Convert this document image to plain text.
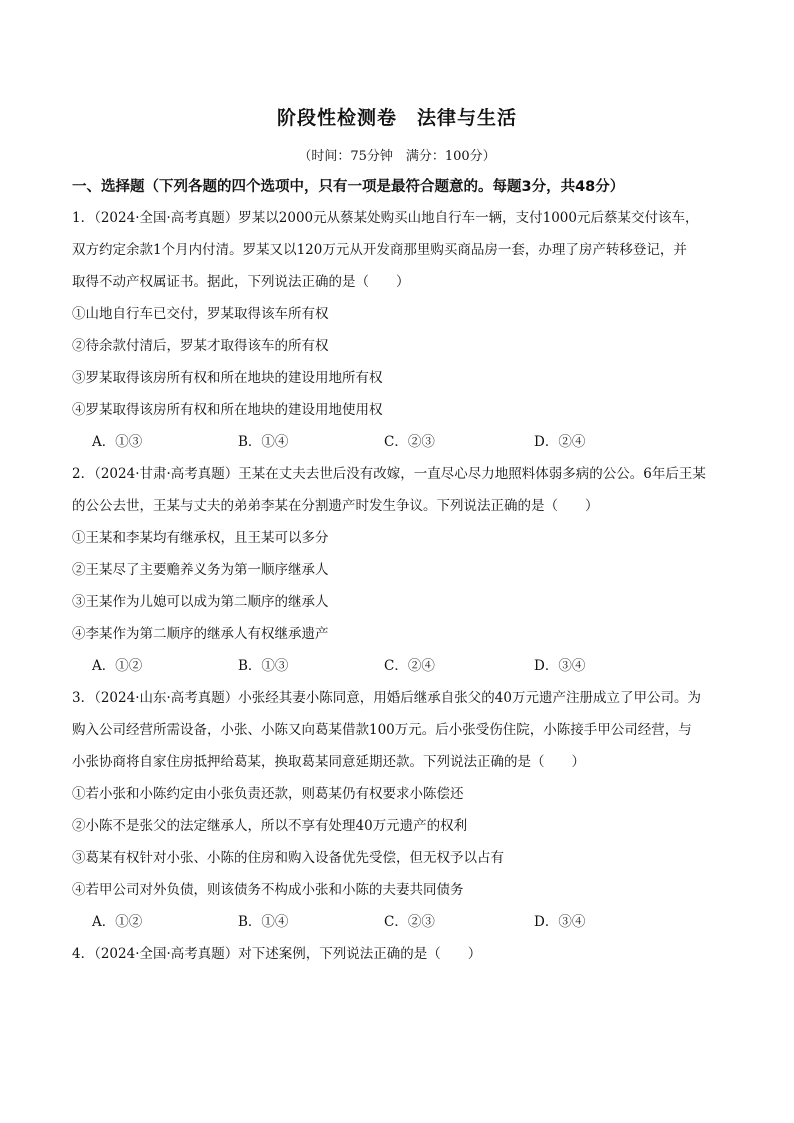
阶段性检测卷　法律与生活
（时间：75分钟　满分：100分）
一、选择题（下列各题的四个选项中，只有一项是最符合题意的。每题3分，共48分）
1．（2024·全国·高考真题）罗某以2000元从蔡某处购买山地自行车一辆，支付1000元后蔡某交付该车，
双方约定余款1个月内付清。罗某又以120万元从开发商那里购买商品房一套，办理了房产转移登记，并
取得不动产权属证书。据此，下列说法正确的是（　　）
①山地自行车已交付，罗某取得该车所有权
②待余款付清后，罗某才取得该车的所有权
③罗某取得该房所有权和所在地块的建设用地所有权
④罗某取得该房所有权和所在地块的建设用地使用权
A．①③	B．①④	C．②③	D．②④
2．（2024·甘肃·高考真题）王某在丈夫去世后没有改嫁，一直尽心尽力地照料体弱多病的公公。6年后王某
的公公去世，王某与丈夫的弟弟李某在分割遗产时发生争议。下列说法正确的是（　　）
①王某和李某均有继承权，且王某可以多分
②王某尽了主要赡养义务为第一顺序继承人
③王某作为儿媳可以成为第二顺序的继承人
④李某作为第二顺序的继承人有权继承遗产
A．①②	B．①③	C．②④	D．③④
3．（2024·山东·高考真题）小张经其妻小陈同意，用婚后继承自张父的40万元遗产注册成立了甲公司。为
购入公司经营所需设备，小张、小陈又向葛某借款100万元。后小张受伤住院，小陈接手甲公司经营，与
小张协商将自家住房抵押给葛某，换取葛某同意延期还款。下列说法正确的是（　　）
①若小张和小陈约定由小张负责还款，则葛某仍有权要求小陈偿还
②小陈不是张父的法定继承人，所以不享有处理40万元遗产的权利
③葛某有权针对小张、小陈的住房和购入设备优先受偿，但无权予以占有
④若甲公司对外负债，则该债务不构成小张和小陈的夫妻共同债务
A．①②	B．①④	C．②③	D．③④
4．（2024·全国·高考真题）对下述案例，下列说法正确的是（　　）
